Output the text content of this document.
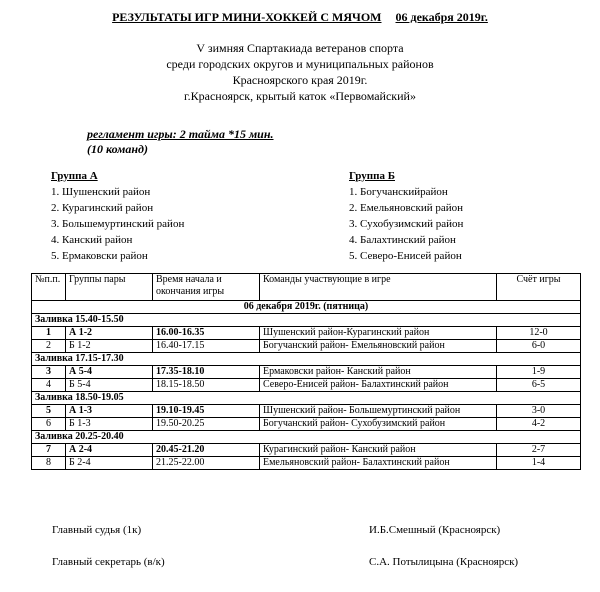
РЕЗУЛЬТАТЫ ИГР МИНИ-ХОККЕЙ С МЯЧОМ 06 декабря 2019г.
V зимняя Спартакиада ветеранов спорта
среди городских округов и муниципальных районов
Красноярского края 2019г.
г.Красноярск, крытый каток «Первомайский»
регламент игры: 2 тайма *15 мин.
(10 команд)
Группа А
1. Шушенский район
2. Курагинский район
3. Большемуртинский район
4. Канский район
5. Ермаковски район
Группа Б
1. Богучанскийрайон
2. Емельяновский район
3. Сухобузимский район
4. Балахтинский район
5. Северо-Енисей район
№п.п.	Группы пары	Время начала и окончания игры	Команды участвующие в игре	Счёт игры
06 декабря 2019г. (пятница)				
Заливка 15.40-15.50				
1	А 1-2	16.00-16.35	Шушенский район-Курагинский район	12-0
2	Б 1-2	16.40-17.15	Богучанский район- Емельяновский район	6-0
Заливка 17.15-17.30				
3	А 5-4	17.35-18.10	Ермаковски район- Канский район	1-9
4	Б 5-4	18.15-18.50	Северо-Енисей район- Балахтинский район	6-5
Заливка 18.50-19.05				
5	А 1-3	19.10-19.45	Шушенский район- Большемуртинский район	3-0
6	Б 1-3	19.50-20.25	Богучанский район- Сухобузимский район	4-2
Заливка 20.25-20.40				
7	А 2-4	20.45-21.20	Курагинский район- Канский район	2-7
8	Б 2-4	21.25-22.00	Емельяновский район- Балахтинский район	1-4
Главный судья (1к)	И.Б.Смешный (Красноярск)
Главный секретарь (в/к)	С.А. Потылицына (Красноярск)
